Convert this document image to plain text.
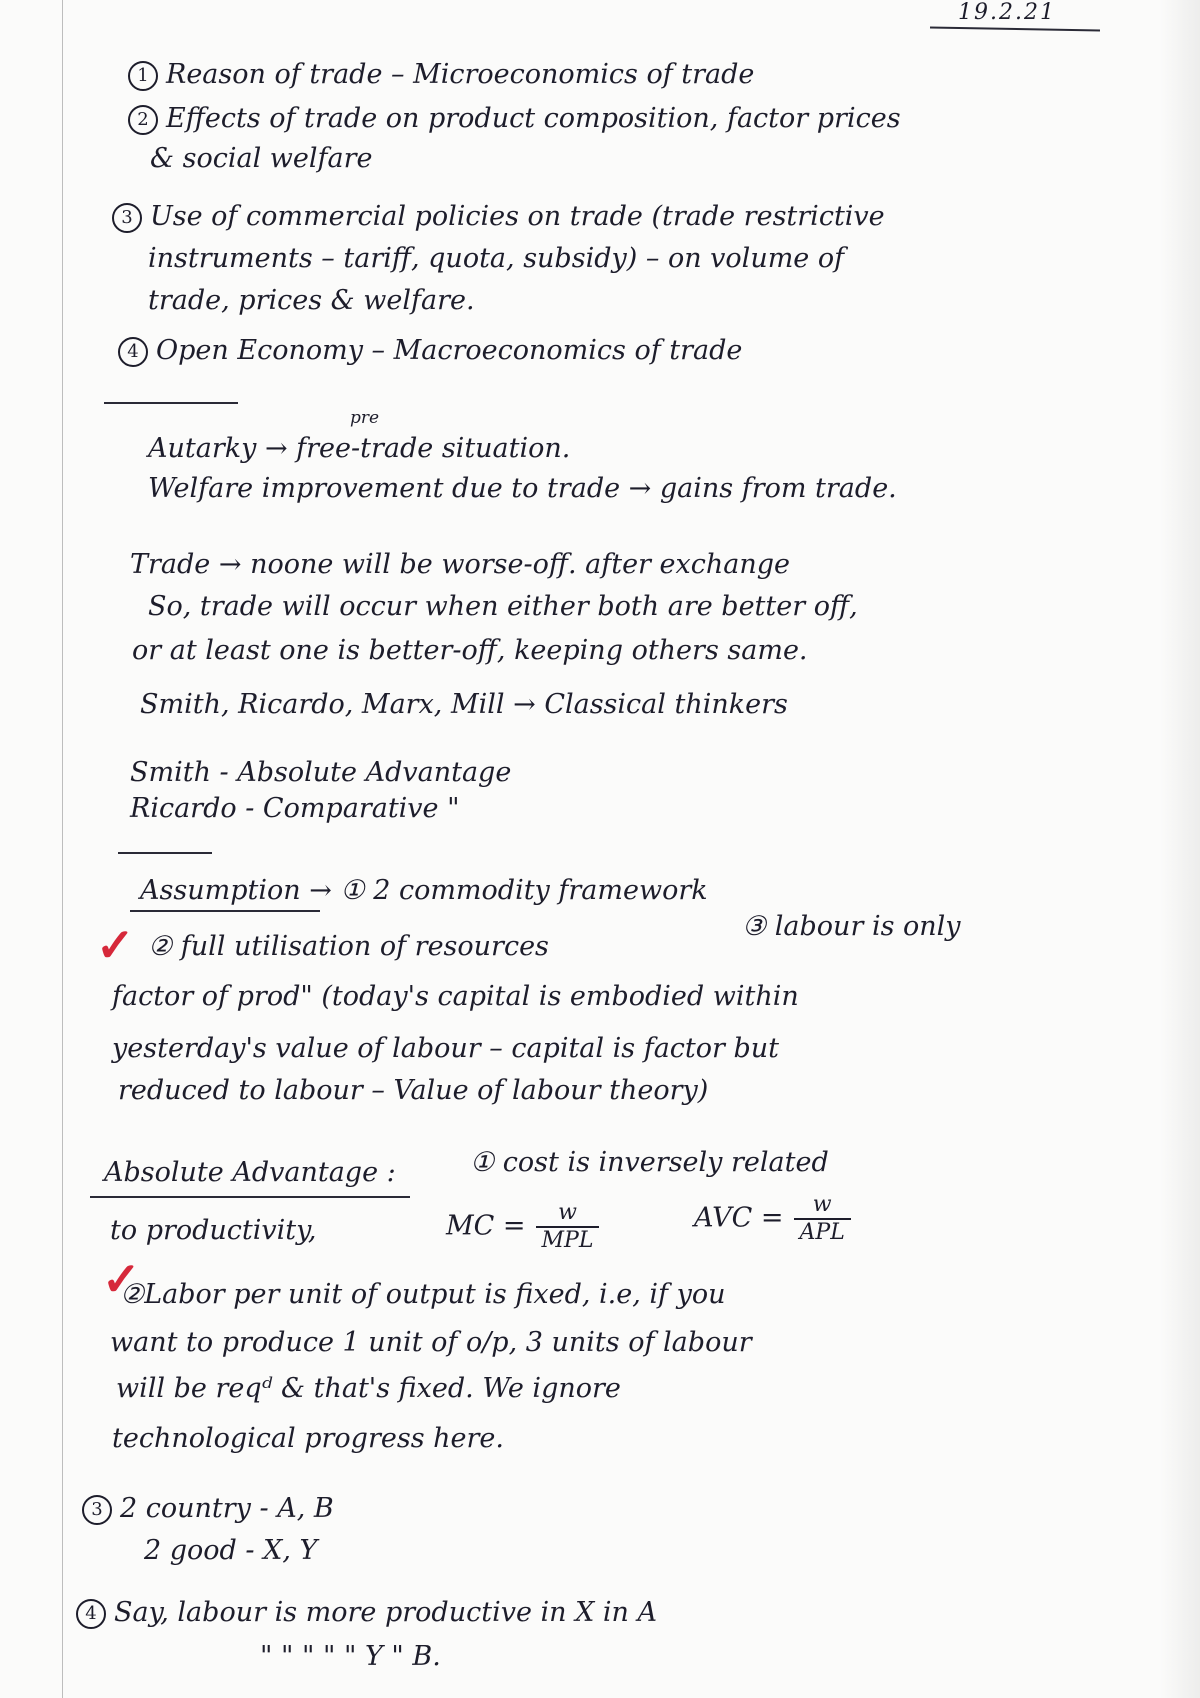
19.2.21
1 Reason of trade – Microeconomics of trade
2 Effects of trade on product composition, factor prices
& social welfare
3 Use of commercial policies on trade (trade restrictive
instruments – tariff, quota, subsidy) – on volume of
trade, prices & welfare.
4 Open Economy – Macroeconomics of trade
pre
Autarky → free-trade situation.
Welfare improvement due to trade → gains from trade.
Trade → noone will be worse-off. after exchange
So, trade will occur when either both are better off,
or at least one is better-off, keeping others same.
Smith, Ricardo, Marx, Mill → Classical thinkers
Smith - Absolute Advantage
Ricardo - Comparative "
Assumption → ① 2 commodity framework
✓ ② full utilisation of resources
③ labour is only
factor of prod" (today's capital is embodied within
yesterday's value of labour – capital is factor but
reduced to labour – Value of labour theory)
Absolute Advantage :	① cost is inversely related
to productivity,	MC = $\frac{w}{\text{MPL}}$	AVC = $\frac{w}{\text{APL}}$
✓
②Labor per unit of output is fixed, i.e, if you
want to produce 1 unit of o/p, 3 units of labour
will be reqᵈ & that's fixed. We ignore
technological progress here.
3 2 country - A, B
2 good - X, Y
4 Say, labour is more productive in X in A
" " " " " Y " B.
